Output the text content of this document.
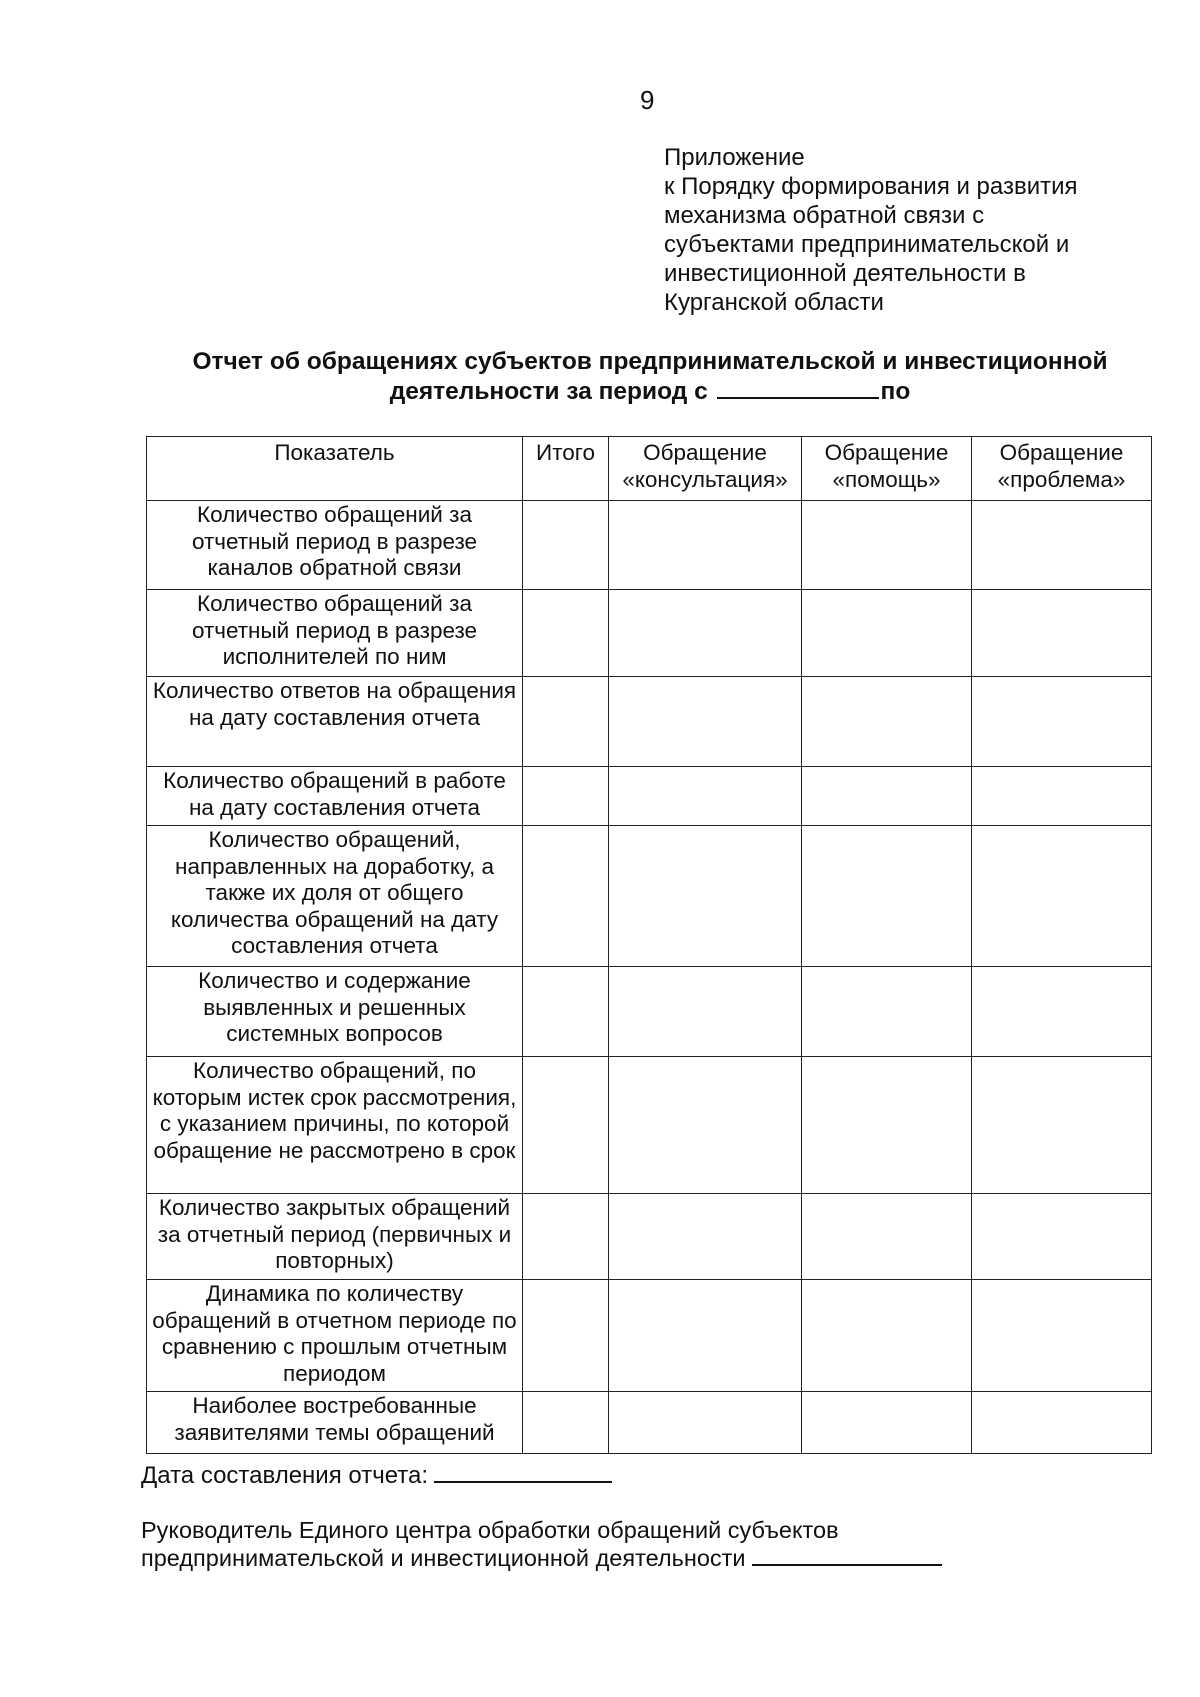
9
Приложение
к Порядку формирования и развития
механизма обратной связи с
субъектами предпринимательской и
инвестиционной деятельности в
Курганской области
Отчет об обращениях субъектов предпринимательской и инвестиционной
деятельности за период с	по
Показатель	Итого	Обращение «консультация»	Обращение «помощь»	Обращение «проблема»
Количество обращений за отчетный период в разрезе каналов обратной связи				
Количество обращений за отчетный период в разрезе исполнителей по ним				
Количество ответов на обращения на дату составления отчета				
Количество обращений в работе на дату составления отчета				
Количество обращений, направленных на доработку, а также их доля от общего количества обращений на дату составления отчета				
Количество и содержание выявленных и решенных системных вопросов				
Количество обращений, по которым истек срок рассмотрения, с указанием причины, по которой обращение не рассмотрено в срок				
Количество закрытых обращений за отчетный период (первичных и повторных)				
Динамика по количеству обращений в отчетном периоде по сравнению с прошлым отчетным периодом				
Наиболее востребованные заявителями темы обращений				
Дата составления отчета:
Руководитель Единого центра обработки обращений субъектов
предпринимательской и инвестиционной деятельности
